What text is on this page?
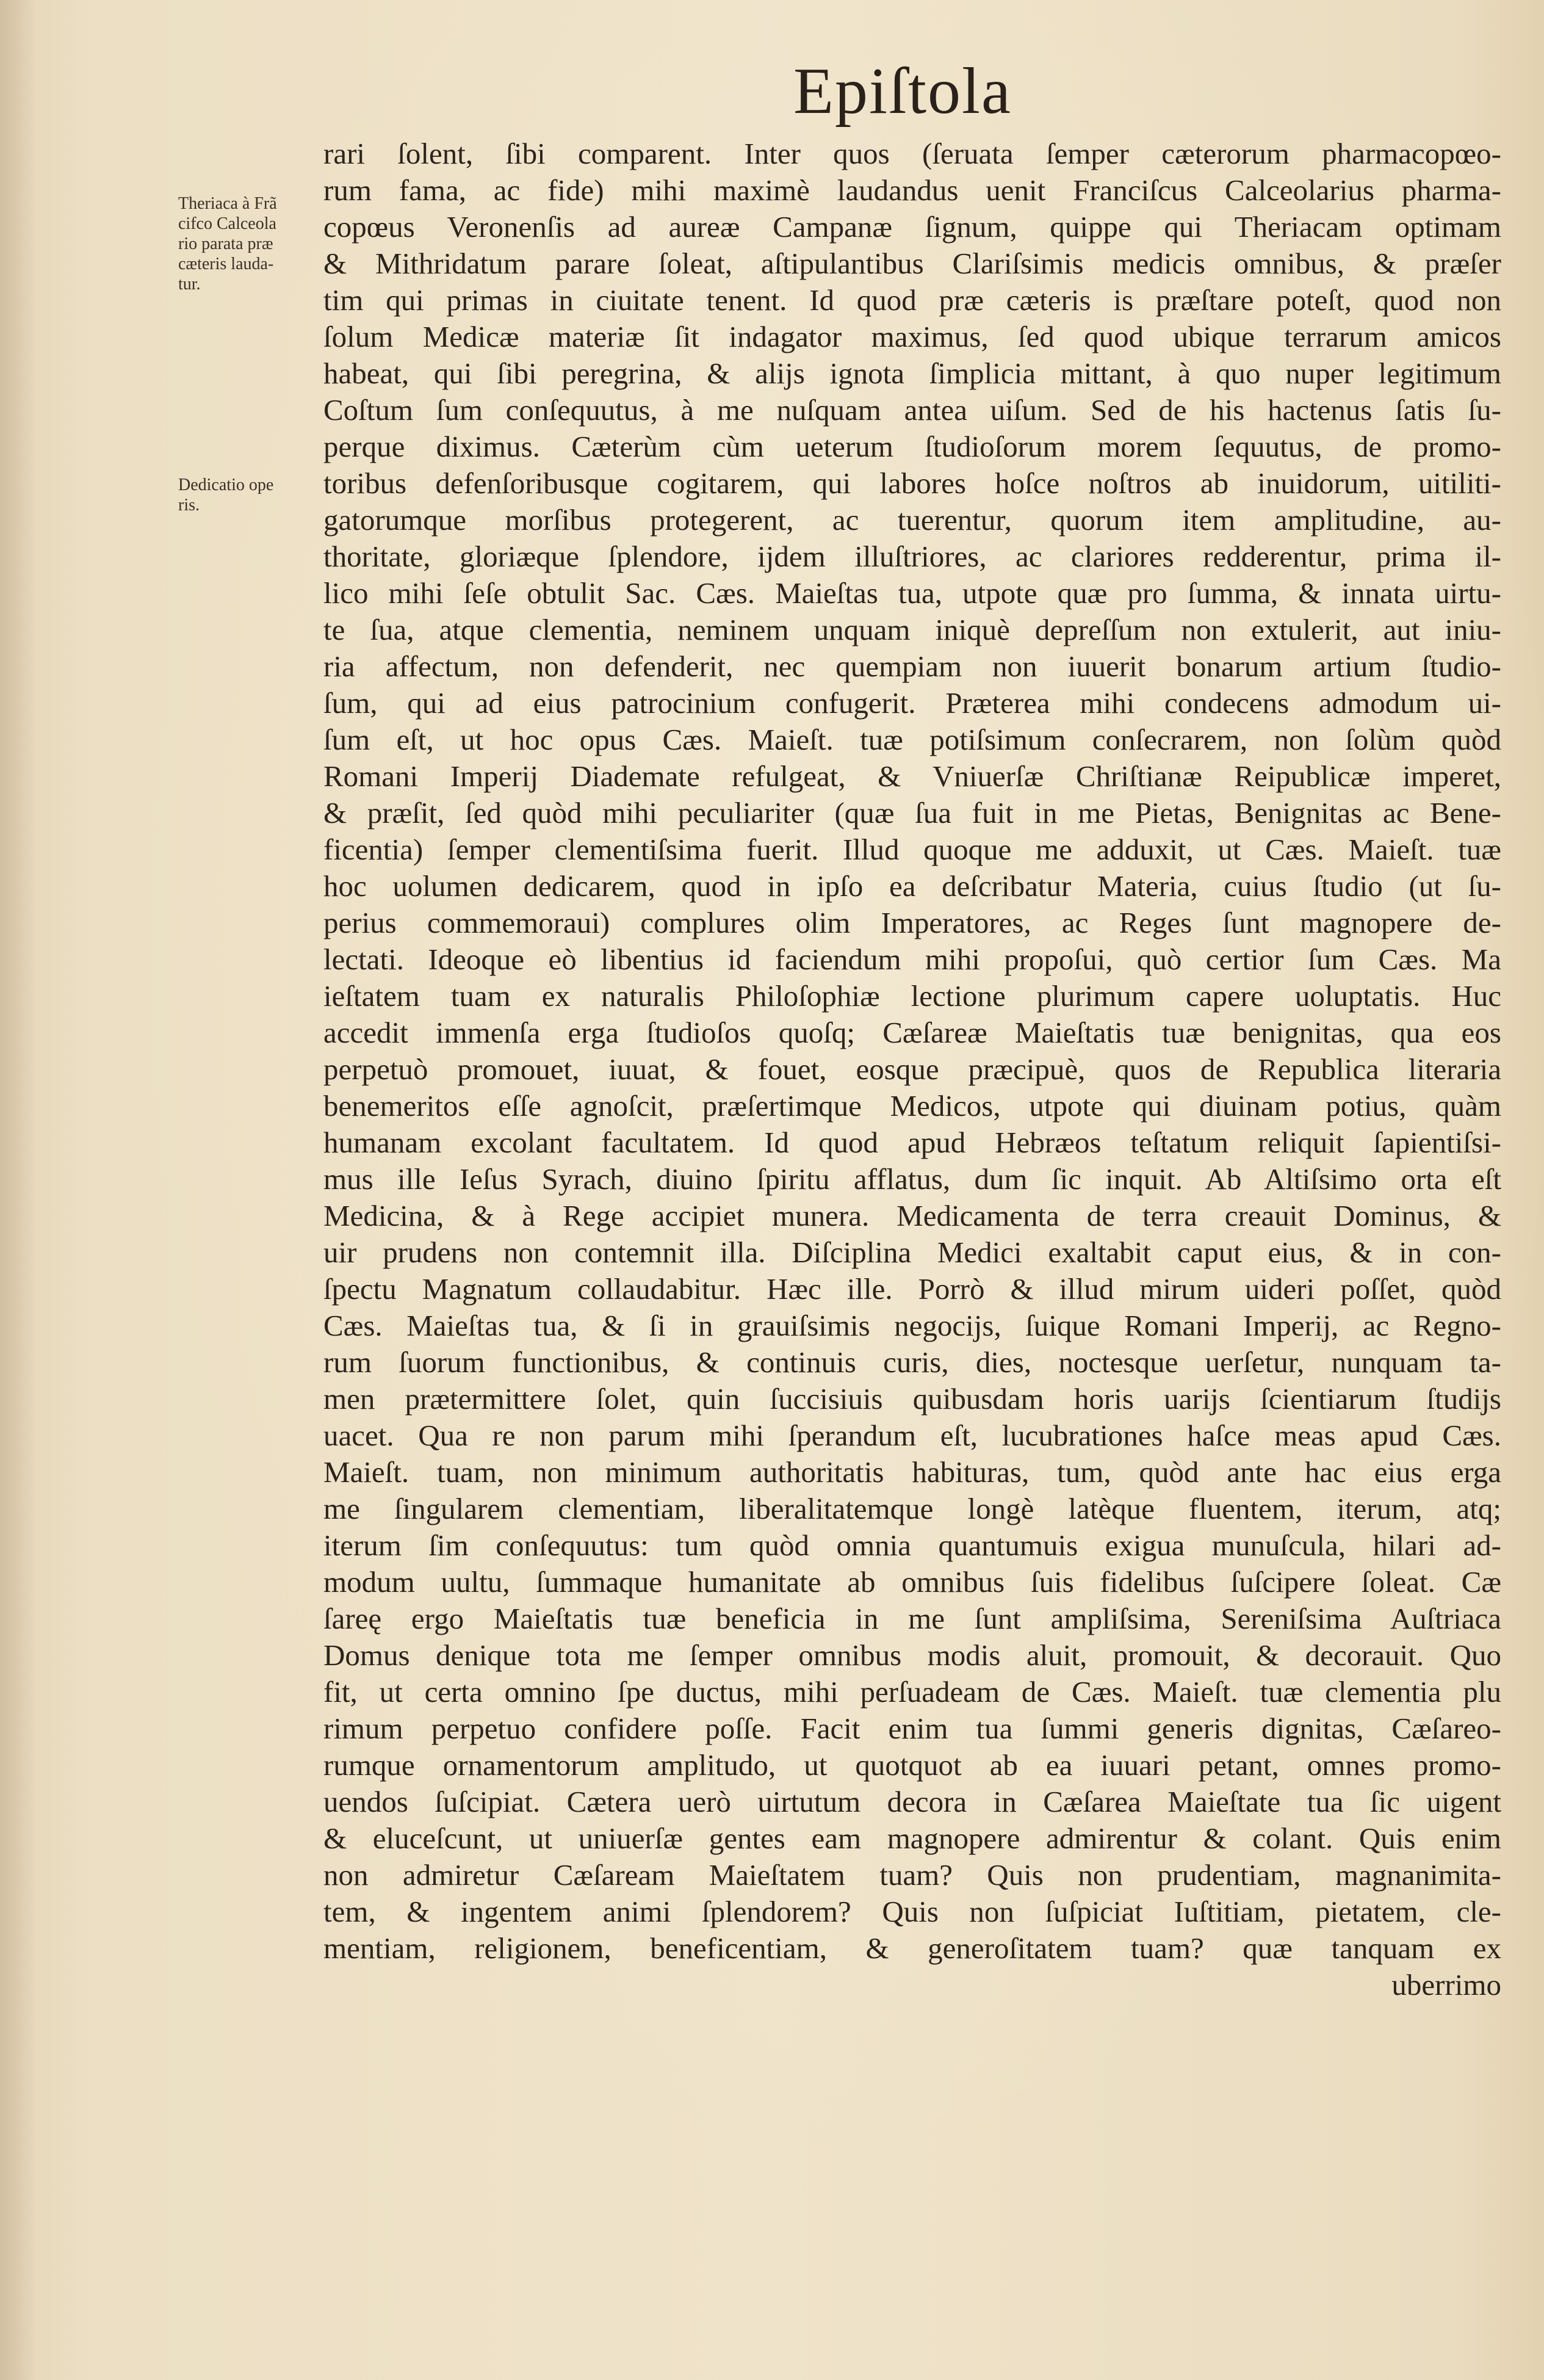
Epiſtola
Theriaca à Frã
cifco Calceola
rio parata præ
cæteris lauda-
tur.
Dedicatio ope
ris.
rari ſolent, ſibi comparent. Inter quos (ſeruata ſemper cæterorum pharmacopœo-
rum fama, ac fide) mihi maximè laudandus uenit Franciſcus Calceolarius pharma-
copœus Veronenſis ad aureæ Campanæ ſignum, quippe qui Theriacam optimam
& Mithridatum parare ſoleat, aſtipulantibus Clariſsimis medicis omnibus, & præſer
tim qui primas in ciuitate tenent. Id quod præ cæteris is præſtare poteſt, quod non
ſolum Medicæ materiæ ſit indagator maximus, ſed quod ubique terrarum amicos
habeat, qui ſibi peregrina, & alijs ignota ſimplicia mittant, à quo nuper legitimum
Coſtum ſum conſequutus, à me nuſquam antea uiſum. Sed de his hactenus ſatis ſu-
perque diximus. Cæterùm cùm ueterum ſtudioſorum morem ſequutus, de promo-
toribus defenſoribusque cogitarem, qui labores hoſce noſtros ab inuidorum, uitiliti-
gatorumque morſibus protegerent, ac tuerentur, quorum item amplitudine, au-
thoritate, gloriæque ſplendore, ijdem illuſtriores, ac clariores redderentur, prima il-
lico mihi ſeſe obtulit Sac. Cæs. Maieſtas tua, utpote quæ pro ſumma, & innata uirtu-
te ſua, atque clementia, neminem unquam iniquè depreſſum non extulerit, aut iniu-
ria affectum, non defenderit, nec quempiam non iuuerit bonarum artium ſtudio-
ſum, qui ad eius patrocinium confugerit. Præterea mihi condecens admodum ui-
ſum eſt, ut hoc opus Cæs. Maieſt. tuæ potiſsimum conſecrarem, non ſolùm quòd
Romani Imperij Diademate refulgeat, & Vniuerſæ Chriſtianæ Reipublicæ imperet,
& præſit, ſed quòd mihi peculiariter (quæ ſua fuit in me Pietas, Benignitas ac Bene-
ficentia) ſemper clementiſsima fuerit. Illud quoque me adduxit, ut Cæs. Maieſt. tuæ
hoc uolumen dedicarem, quod in ipſo ea deſcribatur Materia, cuius ſtudio (ut ſu-
perius commemoraui) complures olim Imperatores, ac Reges ſunt magnopere de-
lectati. Ideoque eò libentius id faciendum mihi propoſui, quò certior ſum Cæs. Ma
ieſtatem tuam ex naturalis Philoſophiæ lectione plurimum capere uoluptatis. Huc
accedit immenſa erga ſtudioſos quoſq; Cæſareæ Maieſtatis tuæ benignitas, qua eos
perpetuò promouet, iuuat, & fouet, eosque præcipuè, quos de Republica literaria
benemeritos eſſe agnoſcit, præſertimque Medicos, utpote qui diuinam potius, quàm
humanam excolant facultatem. Id quod apud Hebræos teſtatum reliquit ſapientiſsi-
mus ille Ieſus Syrach, diuino ſpiritu afflatus, dum ſic inquit. Ab Altiſsimo orta eſt
Medicina, & à Rege accipiet munera. Medicamenta de terra creauit Dominus, &
uir prudens non contemnit illa. Diſciplina Medici exaltabit caput eius, & in con-
ſpectu Magnatum collaudabitur. Hæc ille. Porrò & illud mirum uideri poſſet, quòd
Cæs. Maieſtas tua, & ſi in grauiſsimis negocijs, ſuique Romani Imperij, ac Regno-
rum ſuorum functionibus, & continuis curis, dies, noctesque uerſetur, nunquam ta-
men prætermittere ſolet, quin ſuccisiuis quibusdam horis uarijs ſcientiarum ſtudijs
uacet. Qua re non parum mihi ſperandum eſt, lucubrationes haſce meas apud Cæs.
Maieſt. tuam, non minimum authoritatis habituras, tum, quòd ante hac eius erga
me ſingularem clementiam, liberalitatemque longè latèque fluentem, iterum, atq;
iterum ſim conſequutus: tum quòd omnia quantumuis exigua munuſcula, hilari ad-
modum uultu, ſummaque humanitate ab omnibus ſuis fidelibus ſuſcipere ſoleat. Cæ
ſareę ergo Maieſtatis tuæ beneficia in me ſunt ampliſsima, Sereniſsima Auſtriaca
Domus denique tota me ſemper omnibus modis aluit, promouit, & decorauit. Quo
fit, ut certa omnino ſpe ductus, mihi perſuadeam de Cæs. Maieſt. tuæ clementia plu
rimum perpetuo confidere poſſe. Facit enim tua ſummi generis dignitas, Cæſareo-
rumque ornamentorum amplitudo, ut quotquot ab ea iuuari petant, omnes promo-
uendos ſuſcipiat. Cætera uerò uirtutum decora in Cæſarea Maieſtate tua ſic uigent
& eluceſcunt, ut uniuerſæ gentes eam magnopere admirentur & colant. Quis enim
non admiretur Cæſaream Maieſtatem tuam? Quis non prudentiam, magnanimita-
tem, & ingentem animi ſplendorem? Quis non ſuſpiciat Iuſtitiam, pietatem, cle-
mentiam, religionem, beneficentiam, & generoſitatem tuam? quæ tanquam ex
uberrimo
